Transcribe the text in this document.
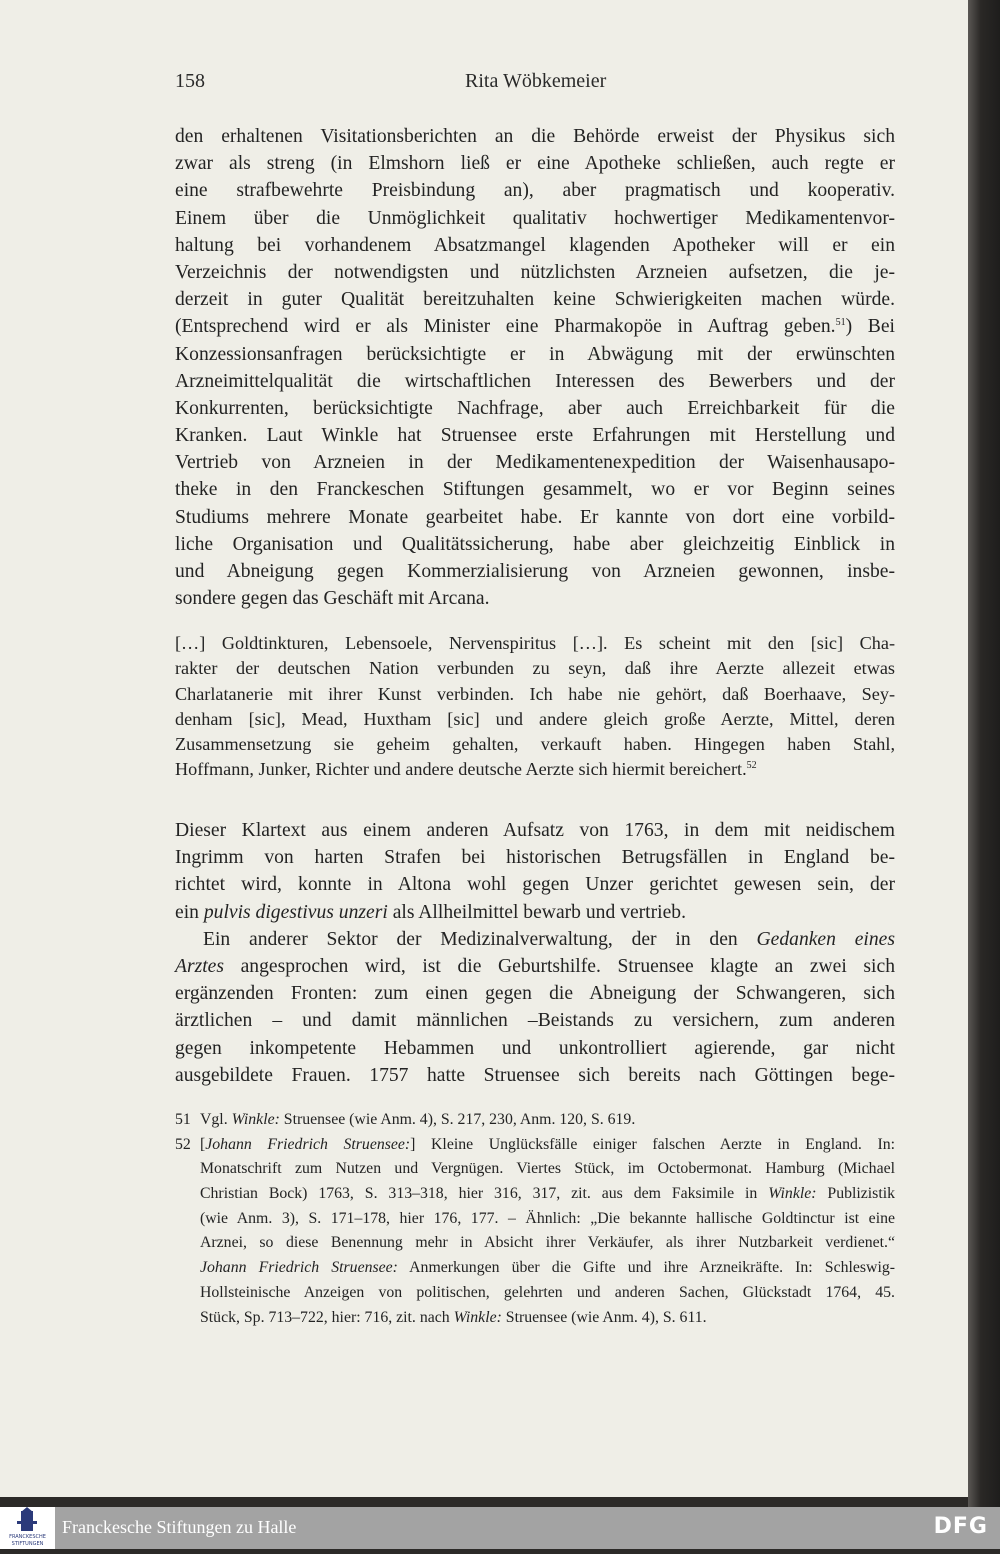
158	Rita Wöbkemeier
den erhaltenen Visitationsberichten an die Behörde erweist der Physikus sich
zwar als streng (in Elmshorn ließ er eine Apotheke schließen, auch regte er
eine strafbewehrte Preisbindung an), aber pragmatisch und kooperativ.
Einem über die Unmöglichkeit qualitativ hochwertiger Medikamentenvor-
haltung bei vorhandenem Absatzmangel klagenden Apotheker will er ein
Verzeichnis der notwendigsten und nützlichsten Arzneien aufsetzen, die je-
derzeit in guter Qualität bereitzuhalten keine Schwierigkeiten machen würde.
(Entsprechend wird er als Minister eine Pharmakopöe in Auftrag geben.$^{51}$) Bei
Konzessionsanfragen berücksichtigte er in Abwägung mit der erwünschten
Arzneimittelqualität die wirtschaftlichen Interessen des Bewerbers und der
Konkurrenten, berücksichtigte Nachfrage, aber auch Erreichbarkeit für die
Kranken. Laut Winkle hat Struensee erste Erfahrungen mit Herstellung und
Vertrieb von Arzneien in der Medikamentenexpedition der Waisenhausapo-
theke in den Franckeschen Stiftungen gesammelt, wo er vor Beginn seines
Studiums mehrere Monate gearbeitet habe. Er kannte von dort eine vorbild-
liche Organisation und Qualitätssicherung, habe aber gleichzeitig Einblick in
und Abneigung gegen Kommerzialisierung von Arzneien gewonnen, insbe-
sondere gegen das Geschäft mit Arcana.
[…] Goldtinkturen, Lebensoele, Nervenspiritus […]. Es scheint mit den [sic] Cha-
rakter der deutschen Nation verbunden zu seyn, daß ihre Aerzte allezeit etwas
Charlatanerie mit ihrer Kunst verbinden. Ich habe nie gehört, daß Boerhaave, Sey-
denham [sic], Mead, Huxtham [sic] und andere gleich große Aerzte, Mittel, deren
Zusammensetzung sie geheim gehalten, verkauft haben. Hingegen haben Stahl,
Hoffmann, Junker, Richter und andere deutsche Aerzte sich hiermit bereichert.$^{52}$
Dieser Klartext aus einem anderen Aufsatz von 1763, in dem mit neidischem
Ingrimm von harten Strafen bei historischen Betrugsfällen in England be-
richtet wird, konnte in Altona wohl gegen Unzer gerichtet gewesen sein, der
ein pulvis digestivus unzeri als Allheilmittel bewarb und vertrieb.
Ein anderer Sektor der Medizinalverwaltung, der in den Gedanken eines
Arztes angesprochen wird, ist die Geburtshilfe. Struensee klagte an zwei sich
ergänzenden Fronten: zum einen gegen die Abneigung der Schwangeren, sich
ärztlichen – und damit männlichen –Beistands zu versichern, zum anderen
gegen inkompetente Hebammen und unkontrolliert agierende, gar nicht
ausgebildete Frauen. 1757 hatte Struensee sich bereits nach Göttingen bege-
51 Vgl. Winkle: Struensee (wie Anm. 4), S. 217, 230, Anm. 120, S. 619.
52 [Johann Friedrich Struensee:] Kleine Unglücksfälle einiger falschen Aerzte in England. In:
Monatschrift zum Nutzen und Vergnügen. Viertes Stück, im Octobermonat. Hamburg (Michael
Christian Bock) 1763, S. 313–318, hier 316, 317, zit. aus dem Faksimile in Winkle: Publizistik
(wie Anm. 3), S. 171–178, hier 176, 177. – Ähnlich: „Die bekannte hallische Goldtinctur ist eine
Arznei, so diese Benennung mehr in Absicht ihrer Verkäufer, als ihrer Nutzbarkeit verdienet.“
Johann Friedrich Struensee: Anmerkungen über die Gifte und ihre Arzneikräfte. In: Schleswig-
Hollsteinische Anzeigen von politischen, gelehrten und anderen Sachen, Glückstadt 1764, 45.
Stück, Sp. 713–722, hier: 716, zit. nach Winkle: Struensee (wie Anm. 4), S. 611.
FRANCKESCHE
STIFTUNGEN
Franckesche Stiftungen zu Halle	DFG
